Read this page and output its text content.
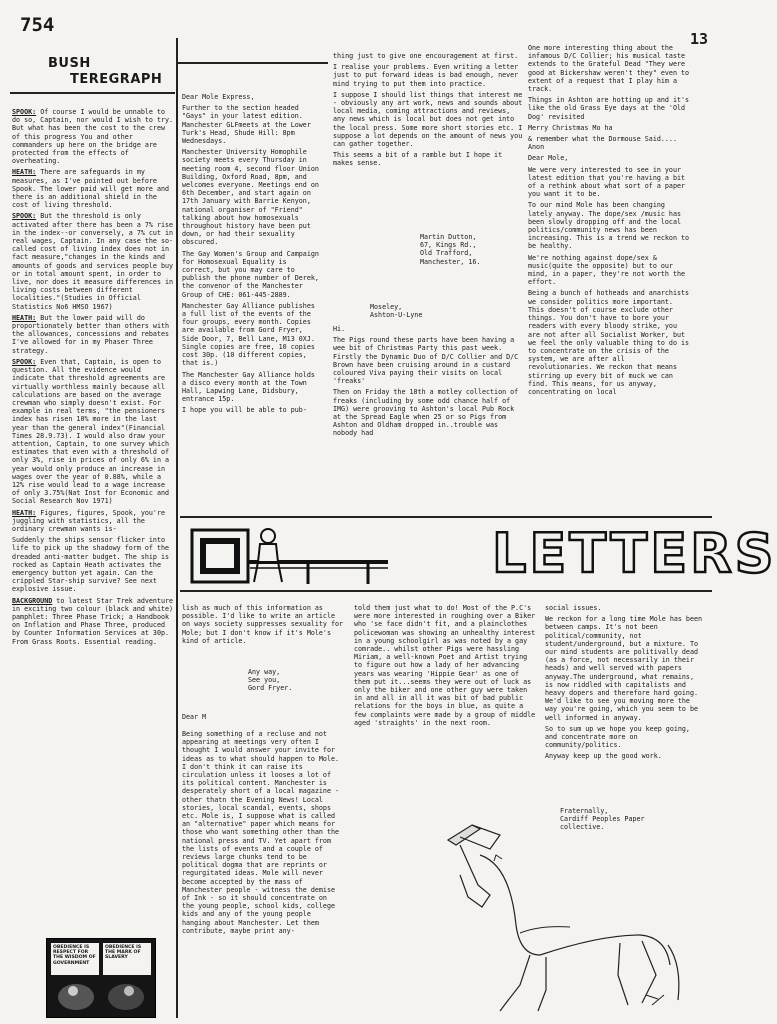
754
13
BUSH
TEREGRAPH

SPOOK: Of course I would be unnable to do so, Captain, nor would I wish to try. But what has been the cost to the crew of this progress You and other commanders up here on the bridge are protected from the effects of overheating.

HEATH: There are safeguards in my measures, as I've pointed out before Spook. The lower paid will get more and there is an additional shield in the cost of living threshold.

SPOOK: But the threshold is only activated after there has been a 7% rise in the index--or conversely, a 7% cut in real wages, Captain. In any case the so-called cost of living index does not in fact measure,"changes in the kinds and amounts of goods and services people buy or in total amount spent, in order to live, nor does it measure differences in living costs between different localities."(Studies in Official Statistics No6 HMSO 1967)

HEATH: But the lower paid will do proportionately better than others with the allowances, concessions and rebates I've allowed for in my Phaser Three strategy.

SPOOK: Even that, Captain, is open to question. All the evidence would indicate that threshold agreements are virtually worthless mainly because all calculations are based on the average crewman who simply doesn't exist. For example in real terms, "the pensioners index has risen 10% more in the last year than the general index"(Financial Times 28.9.73). I would also draw your attention, Captain, to one survey which estimates that even with a threshold of only 3%, rise in prices of only 6% in a year would only produce an increase in wages over the year of 0.88%, while a 12% rise would lead to a wage increase of only 3.75%(Nat Inst for Economic and Social Research Nov 1971)

HEATH: Figures, figures, Spook, you're juggling with statistics, all the ordinary crewman wants is-

Suddenly the ships sensor flicker into life to pick up the shadowy form of the dreaded anti-matter budget. The ship is rocked as Captain Heath activates the emergency button yet again. Can the crippled Star-ship survive? See next explosive issue.

BACKGROUND to latest Star Trek adventure in exciting two colour (black and white) pamphlet: Three Phase Trick; a Handbook on Inflation and Phase Three, produced by Counter Information Services at 30p. From Grass Roots. Essential reading.

OBEDIENCE IS RESPECT FOR THE WISDOM OF GOVERNMENT
OBEDIENCE IS THE MARK OF SLAVERY

Dear Mole Express,

Further to the section headed "Gays" in your latest edition. Manchester GLFmeets at the Lower Turk's Head, Shude Hill: 8pm Wednesdays.

Manchester University Homophile society meets every Thursday in meeting room 4, second floor Union Building, Oxford Road, 8pm, and welcomes everyone. Meetings end on 6th December, and start again on 17th January with Barrie Kenyon, national organiser of "Friend" talking about how homosexuals throughout history have been put down, or had their sexuality obscured.

The Gay Women's Group and Campaign for Homosexual Equality is correct, but you may care to publish the phone number of Derek, the convenor of the Manchester Group of CHE: 061-445-2889.

Manchester Gay Alliance publishes a full list of the events of the four groups, every month. Copies are available from Gord Fryer, Side Door, 7, Bell Lane, M13 0XJ. Single copies are free, 10 copies cost 30p. (10 different copies, that is.)

The Manchester Gay Alliance holds a disco every month at the Town Hall, Lapwing Lane, Didsbury, entrance 15p.

I hope you will be able to pub-

thing just to give one encouragement at first.

I realise your problems. Even writing a letter just to put forward ideas is bad enough, never mind trying to put them into practice.

I suppose I should list things that interest me - obviously any art work, news and sounds about local media, coming attractions and reviews, any news which is local but does not get into the local press. Some more short stories etc. I suppose a lot depends on the amount of news you can gather together.

This seems a bit of a ramble but I hope it makes sense.

Martin Dutton,

67, Kings Rd.,

Old Trafford,

Manchester, 16.

Moseley,

Ashton-U-Lyne

Hi.

The Pigs round these parts have been having a wee bit of Christmas Party this past week. Firstly the Dynamic Duo of D/C Collier and D/C Brown have been cruising around in a custard coloured Viva paying their visits on local 'freaks'

Then on Friday the 18th a motley collection of freaks (including by some odd chance half of IMG) were grooving to Ashton's local Pub Rock at the Spread Eagle when 25 or so Pigs from Ashton and Oldham dropped in..trouble was nobody had

One more interesting thing about the infamous D/C Collier; his musical taste extends to the Grateful Dead "They were good at Bickershaw weren't they" even to extent of a request that I play him a track.

Things in Ashton are hotting up and it's like the old Grass Eye days at the 'Old Dog' revisited

Merry Christmas Mo ha

& remember what the Dormouse Said.... Anon

Dear Mole,

We were very interested to see in your latest edition that you're having a bit of a rethink about what sort of a paper you want it to be.

To our mind Mole has been changing lately anyway. The dope/sex /music has been slowly dropping off and the local politics/community news has been increasing. This is a trend we reckon to be healthy.

We're nothing against dope/sex & music(quite the opposite) but to our mind, in a paper, they're not worth the effort.

Being a bunch of hotheads and anarchists we consider politics more important. This doesn't of course exclude other things. You don't have to bore your readers with every bloody strike, you are not after all Socialist Worker, but we feel the only valuable thing to do is to concentrate on the crisis of the system, we are after all revolutionaries. We reckon that means stirring up every bit of muck we can find. This means, for us anyway, concentrating on local

LETTERS

lish as much of this information as possible. I'd like to write an article on ways society suppresses sexuality for Mole; but I don't know if it's Mole's kind of article.

Any way,

See you,

Gord Fryer.

Dear M

Being something of a recluse and not appearing at meetings very often I thought I would answer your invite for ideas as to what should happen to Mole. I don't think it can raise its circulation unless it looses a lot of its political content. Manchester is desperately short of a local magazine - other thatn the Evening News! Local stories, local scandal, events, shops etc. Mole is, I suppose what is called an "alternative" paper which means for those who want something other than the national press and TV. Yet apart from the lists of events and a couple of reviews large chunks tend to be political dogma that are reprints or regurgitated ideas. Mole will never become accepted by the mass of Manchester people - witness the demise of Ink - so it should concentrate on the young people, school kids, college kids and any of the young people hanging about Manchester. Let them contribute, maybe print any-

told them just what to do! Most of the P.C's were more interested in roughing over a Biker who 'se face didn't fit, and a plainclothes policewoman was showing an unhealthy interest in a young schoolgirl as was noted by a gay comrade.. whilst other Pigs were hassling Miriam, a well-known Poet and Artist trying to figure out how a lady of her advancing years was wearing 'Hippie Gear' as one of them put it...seems they were out of luck as only the biker and one other guy were taken in and all in all it was bit of bad public relations for the boys in blue, as quite a few complaints were made by a group of middle aged 'straights' in the next room.

social issues.

We reckon for a long time Mole has been between camps. It's not been political/community, not student/underground, but a mixture. To our mind students are politivally dead (as a force, not necessarily in their heads) and well served with papers anyway.The underground, what remains, is now riddled with capitalists and heavy dopers and therefore hard going. We'd like to see you moving more the way you're going, which you seem to be well informed in anyway.

So to sum up we hope you keep going, and concentrate more on community/politics.

Anyway keep up the good work.

Fraternally,

Cardiff Peoples Paper

collective.
